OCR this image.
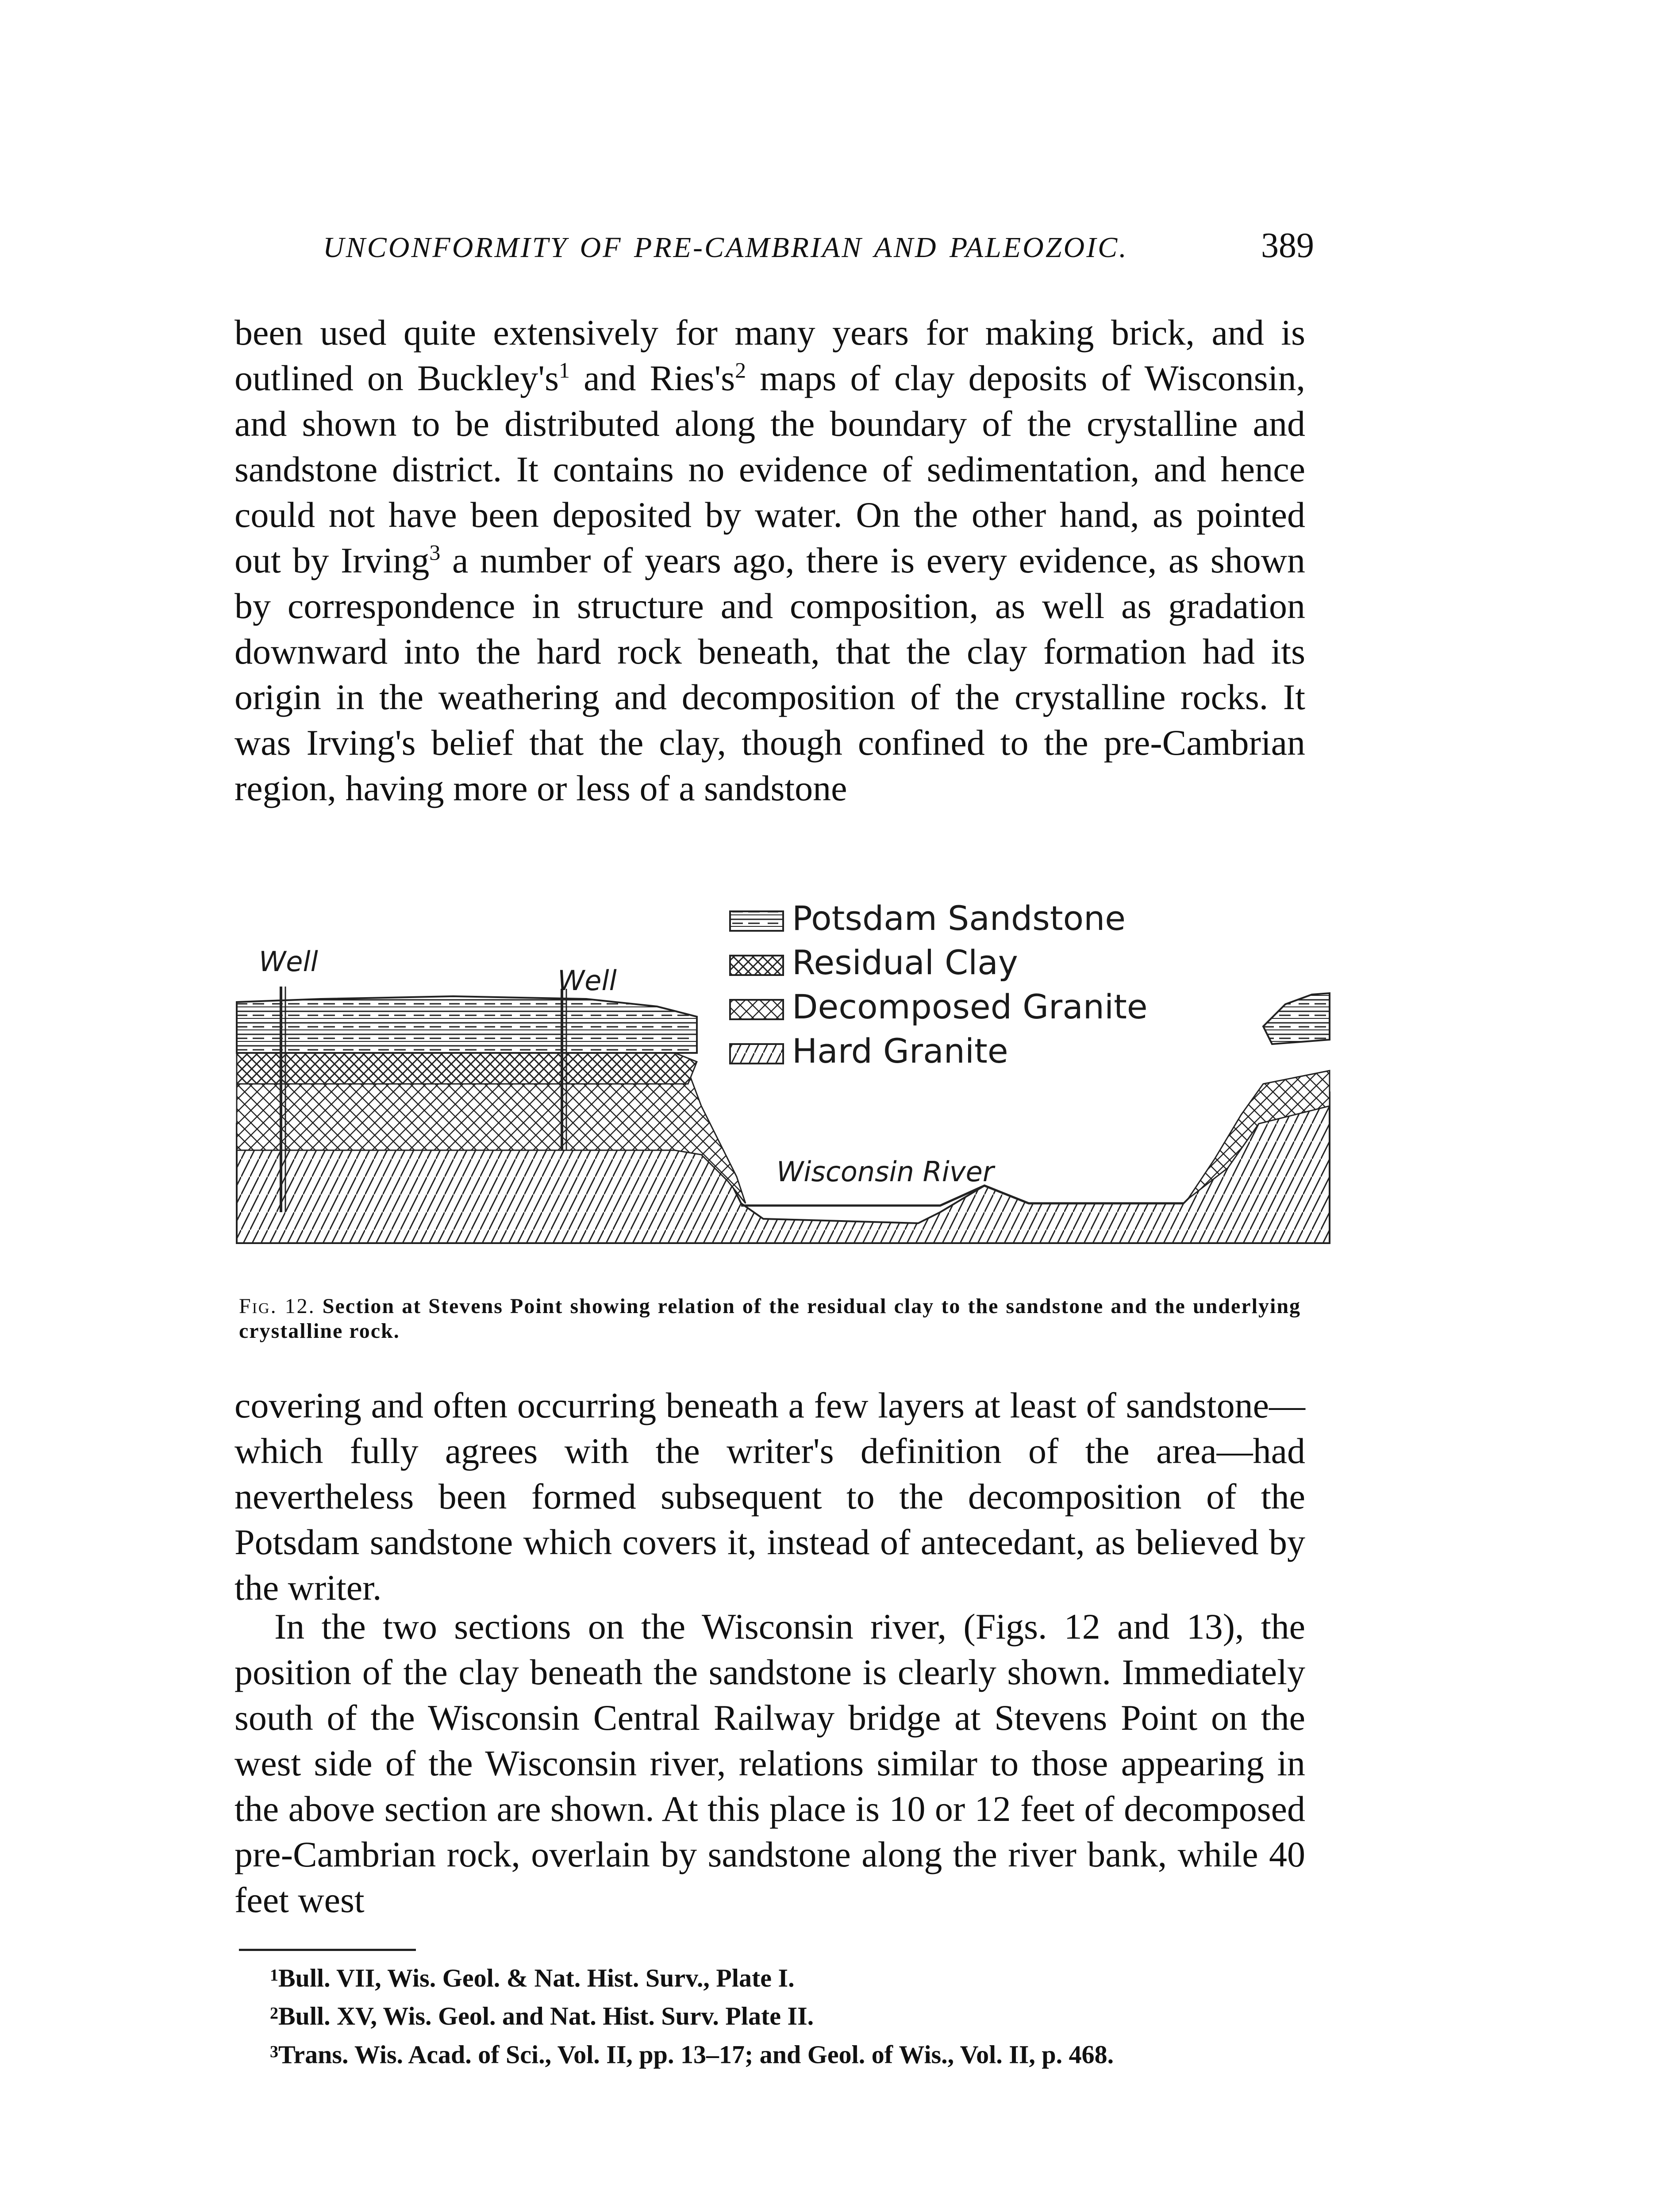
UNCONFORMITY OF PRE-CAMBRIAN AND PALEOZOIC.	389

been used quite extensively for many years for making brick, and is outlined on Buckley's$^1$ and Ries's$^2$ maps of clay deposits of Wisconsin, and shown to be distributed along the boundary of the crystalline and sandstone district. It contains no evidence of sedimentation, and hence could not have been deposited by water. On the other hand, as pointed out by Irving$^3$ a number of years ago, there is every evidence, as shown by correspondence in structure and composition, as well as gradation downward into the hard rock beneath, that the clay formation had its origin in the weathering and decomposition of the crystalline rocks. It was Irving's belief that the clay, though confined to the pre-Cambrian region, having more or less of a sandstone

Potsdam Sandstone
Residual Clay
Decomposed Granite
Hard Granite
Well
Well
Wisconsin River

Fig. 12. Section at Stevens Point showing relation of the residual clay to the sandstone and the underlying crystalline rock.

covering and often occurring beneath a few layers at least of sandstone—which fully agrees with the writer's definition of the area—had nevertheless been formed subsequent to the decomposition of the Potsdam sandstone which covers it, instead of antecedant, as believed by the writer.

In the two sections on the Wisconsin river, (Figs. 12 and 13), the position of the clay beneath the sandstone is clearly shown. Immediately south of the Wisconsin Central Railway bridge at Stevens Point on the west side of the Wisconsin river, relations similar to those appearing in the above section are shown. At this place is 10 or 12 feet of decomposed pre-Cambrian rock, overlain by sandstone along the river bank, while 40 feet west

$^1$Bull. VII, Wis. Geol. & Nat. Hist. Surv., Plate I.

$^2$Bull. XV, Wis. Geol. and Nat. Hist. Surv. Plate II.

$^3$Trans. Wis. Acad. of Sci., Vol. II, pp. 13–17; and Geol. of Wis., Vol. II, p. 468.
